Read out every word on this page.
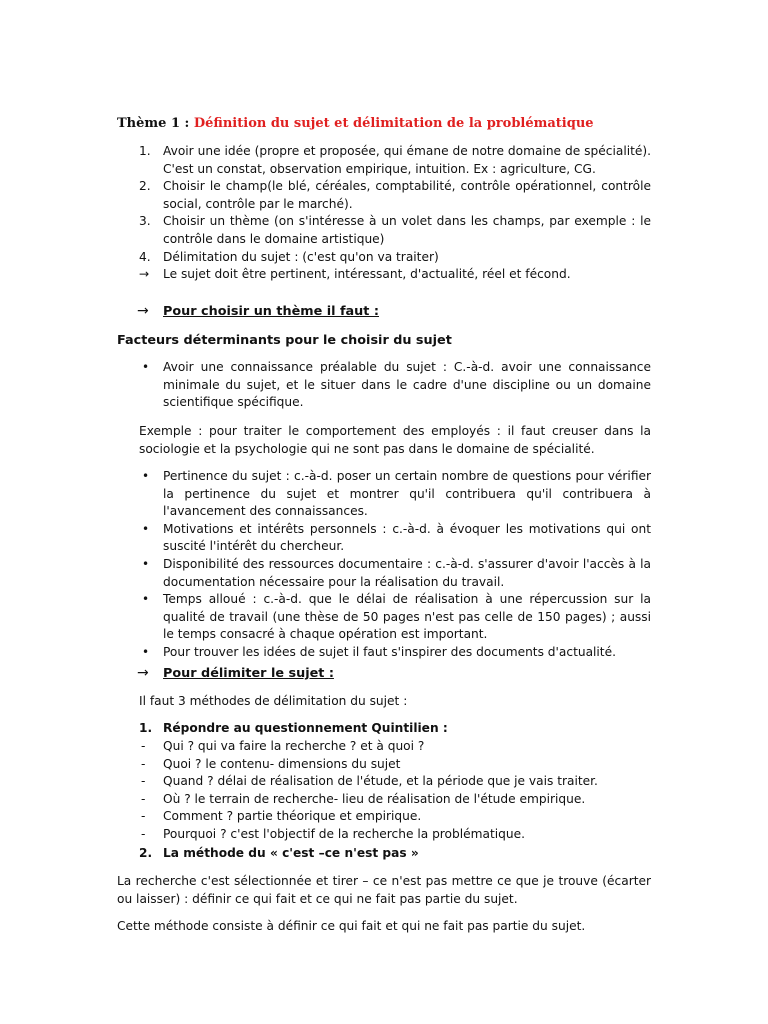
Thème 1 : Définition du sujet et délimitation de la problématique
1. Avoir une idée (propre et proposée, qui émane de notre domaine de spécialité). C'est un constat, observation empirique, intuition. Ex : agriculture, CG.
2. Choisir le champ(le blé, céréales, comptabilité, contrôle opérationnel, contrôle social, contrôle par le marché).
3. Choisir un thème (on s'intéresse à un volet dans les champs, par exemple : le contrôle dans le domaine artistique)
4. Délimitation du sujet : (c'est qu'on va traiter)
→ Le sujet doit être pertinent, intéressant, d'actualité, réel et fécond.
→ Pour choisir un thème il faut :
Facteurs déterminants pour le choisir du sujet
• Avoir une connaissance préalable du sujet : C.-à-d. avoir une connaissance minimale du sujet, et le situer dans le cadre d'une discipline ou un domaine scientifique spécifique.
Exemple : pour traiter le comportement des employés : il faut creuser dans la sociologie et la psychologie qui ne sont pas dans le domaine de spécialité.
• Pertinence du sujet : c.-à-d. poser un certain nombre de questions pour vérifier la pertinence du sujet et montrer qu'il contribuera qu'il contribuera à l'avancement des connaissances.
• Motivations et intérêts personnels : c.-à-d. à évoquer les motivations qui ont suscité l'intérêt du chercheur.
• Disponibilité des ressources documentaire : c.-à-d. s'assurer d'avoir l'accès à la documentation nécessaire pour la réalisation du travail.
• Temps alloué : c.-à-d. que le délai de réalisation à une répercussion sur la qualité de travail (une thèse de 50 pages n'est pas celle de 150 pages) ; aussi le temps consacré à chaque opération est important.
• Pour trouver les idées de sujet il faut s'inspirer des documents d'actualité.
→ Pour délimiter le sujet :
Il faut 3 méthodes de délimitation du sujet :
1. Répondre au questionnement Quintilien :
- Qui ? qui va faire la recherche ? et à quoi ?
- Quoi ? le contenu- dimensions du sujet
- Quand ? délai de réalisation de l'étude, et la période que je vais traiter.
- Où ? le terrain de recherche- lieu de réalisation de l'étude empirique.
- Comment ? partie théorique et empirique.
- Pourquoi ? c'est l'objectif de la recherche la problématique.
2. La méthode du « c'est –ce n'est pas »
La recherche c'est sélectionnée et tirer – ce n'est pas mettre ce que je trouve (écarter ou laisser) : définir ce qui fait et ce qui ne fait pas partie du sujet.
Cette méthode consiste à définir ce qui fait et qui ne fait pas partie du sujet.
